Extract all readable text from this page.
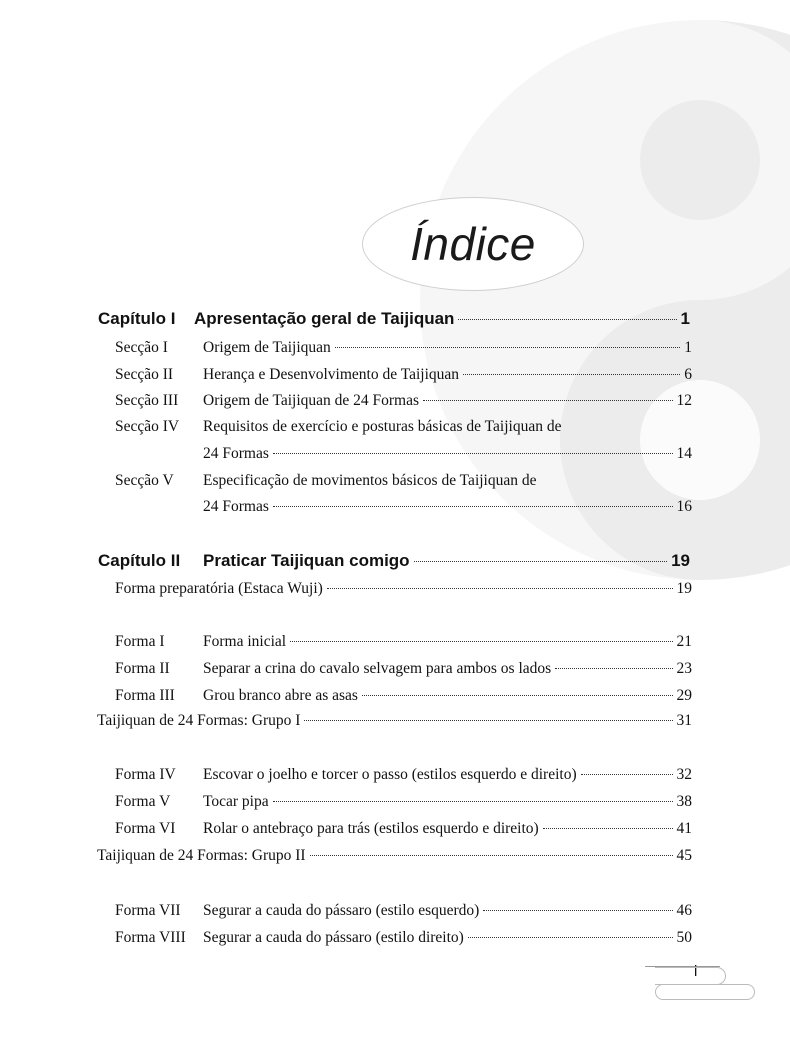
Índice
Capítulo I	Apresentação geral de Taijiquan	1
Secção I	Origem de Taijiquan	1
Secção II	Herança e Desenvolvimento de Taijiquan	6
Secção III	Origem de Taijiquan de 24 Formas	12
Secção IV	Requisitos de exercício e posturas básicas de Taijiquan de
24 Formas	14
Secção V	Especificação de movimentos básicos de Taijiquan de
24 Formas	16
Capítulo II	Praticar Taijiquan comigo	19
Forma preparatória (Estaca Wuji)	19
Forma I	Forma inicial	21
Forma II	Separar a crina do cavalo selvagem para ambos os lados	23
Forma III	Grou branco abre as asas	29
Taijiquan de 24 Formas: Grupo I	31
Forma IV	Escovar o joelho e torcer o passo (estilos esquerdo e direito)	32
Forma V	Tocar pipa	38
Forma VI	Rolar o antebraço para trás (estilos esquerdo e direito)	41
Taijiquan de 24 Formas: Grupo II	45
Forma VII	Segurar a cauda do pássaro (estilo esquerdo)	46
Forma VIII	Segurar a cauda do pássaro (estilo direito)	50
i
